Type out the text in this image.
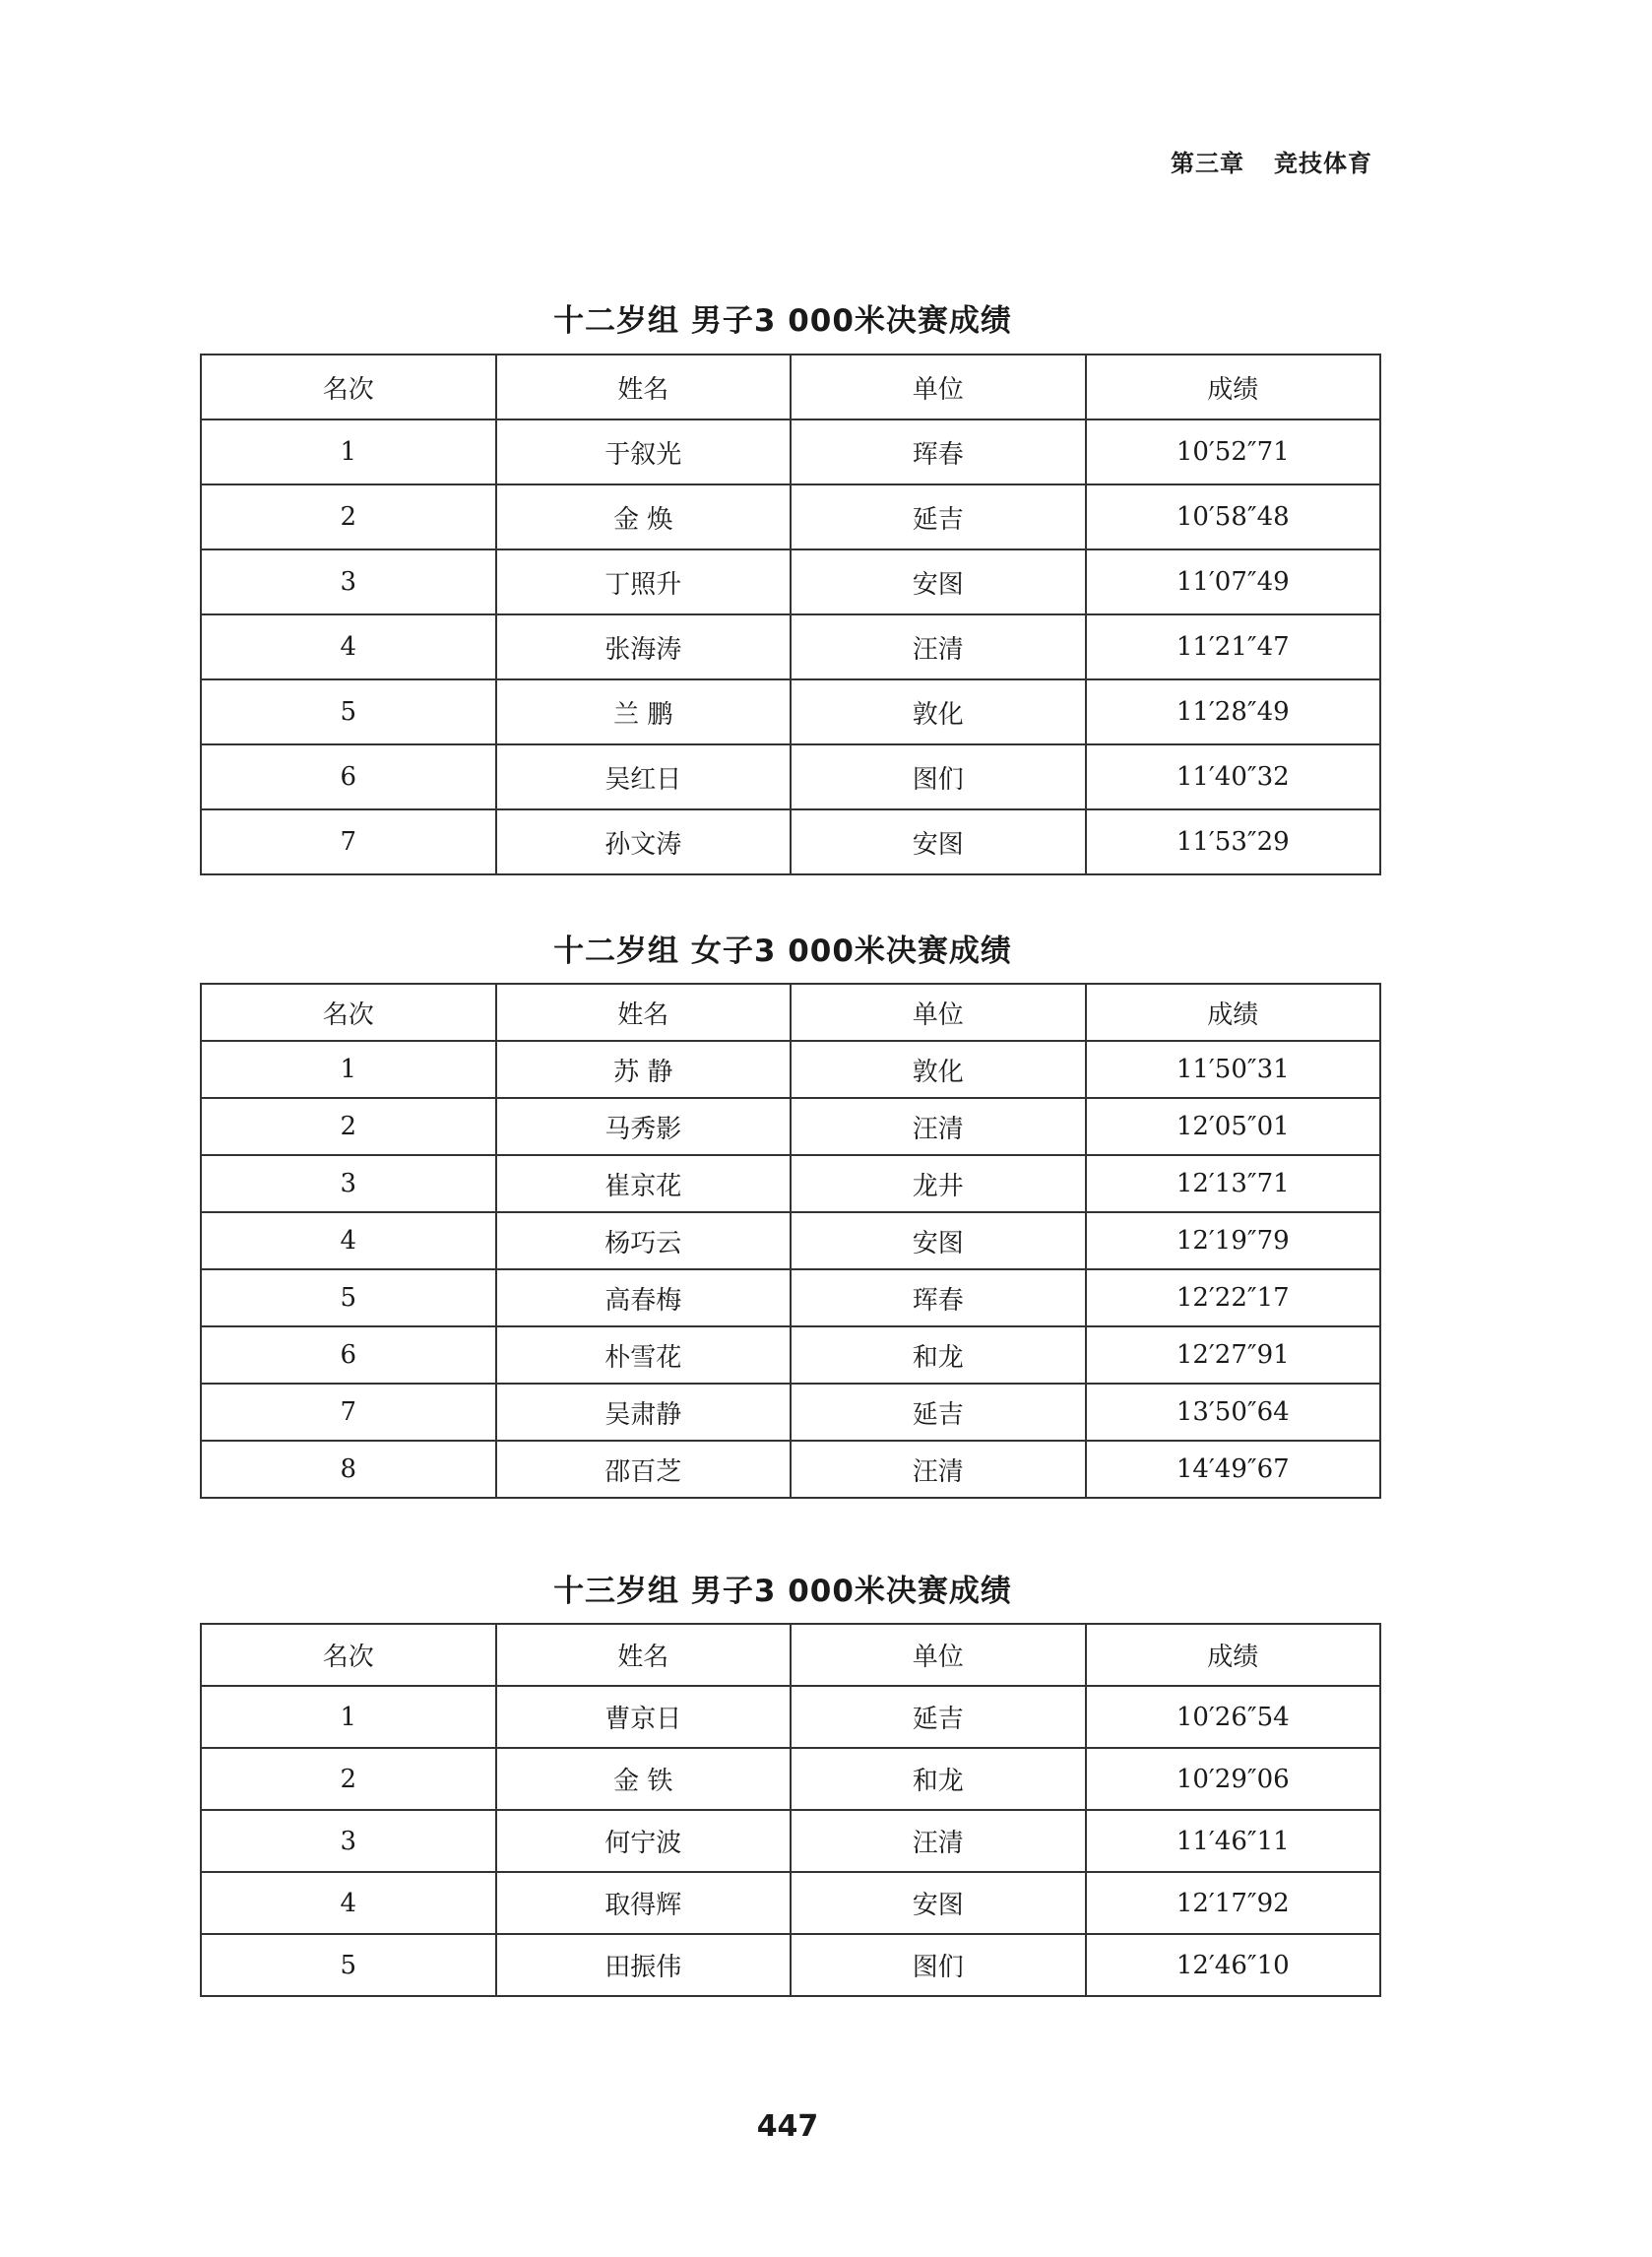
第三章 竞技体育
十二岁组 男子3 000米决赛成绩
名次	姓名	单位	成绩
1	于叙光	珲春	10′52″71
2	金 焕	延吉	10′58″48
3	丁照升	安图	11′07″49
4	张海涛	汪清	11′21″47
5	兰 鹏	敦化	11′28″49
6	吴红日	图们	11′40″32
7	孙文涛	安图	11′53″29
十二岁组 女子3 000米决赛成绩
名次	姓名	单位	成绩
1	苏 静	敦化	11′50″31
2	马秀影	汪清	12′05″01
3	崔京花	龙井	12′13″71
4	杨巧云	安图	12′19″79
5	高春梅	珲春	12′22″17
6	朴雪花	和龙	12′27″91
7	吴肃静	延吉	13′50″64
8	邵百芝	汪清	14′49″67
十三岁组 男子3 000米决赛成绩
名次	姓名	单位	成绩
1	曹京日	延吉	10′26″54
2	金 铁	和龙	10′29″06
3	何宁波	汪清	11′46″11
4	取得辉	安图	12′17″92
5	田振伟	图们	12′46″10
447
